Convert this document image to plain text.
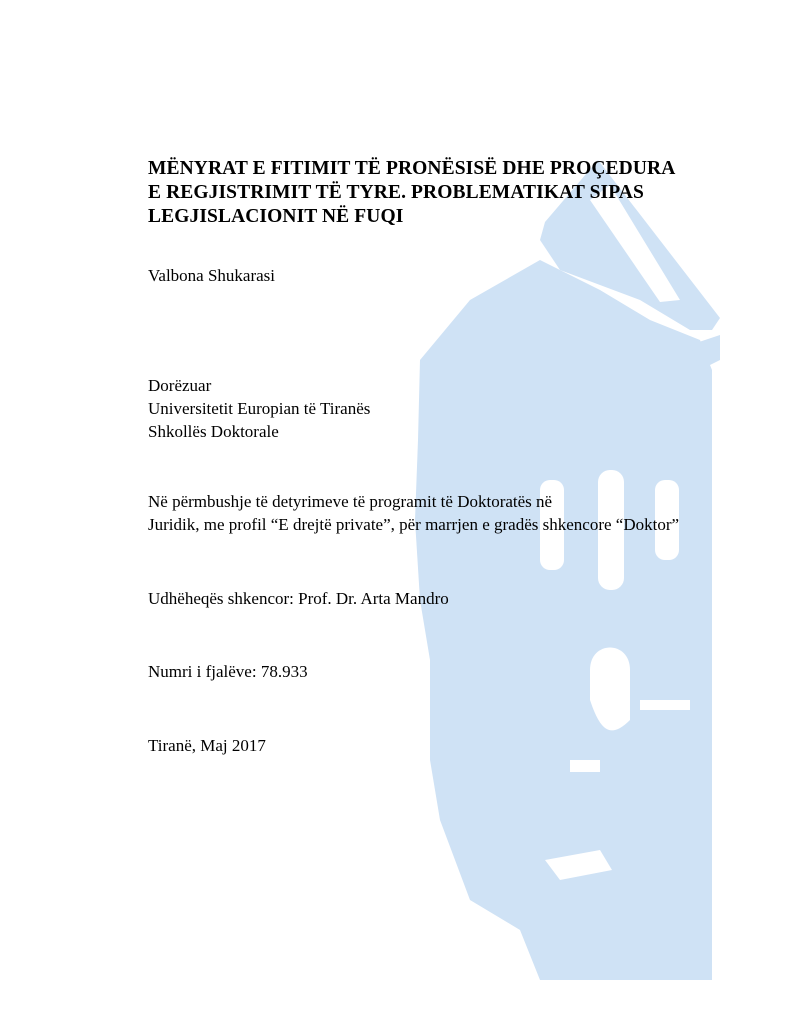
MËNYRAT E FITIMIT TË PRONËSISË DHE PROÇEDURA
E REGJISTRIMIT TË TYRE. PROBLEMATIKAT SIPAS
LEGJISLACIONIT NË FUQI

Valbona Shukarasi

Dorëzuar

Universitetit Europian të Tiranës

Shkollës Doktorale

Në përmbushje të detyrimeve të programit të Doktoratës në

Juridik, me profil “E drejtë private”, për marrjen e gradës shkencore “Doktor”

Udhëheqës shkencor: Prof. Dr. Arta Mandro

Numri i fjalëve: 78.933

Tiranë, Maj 2017
